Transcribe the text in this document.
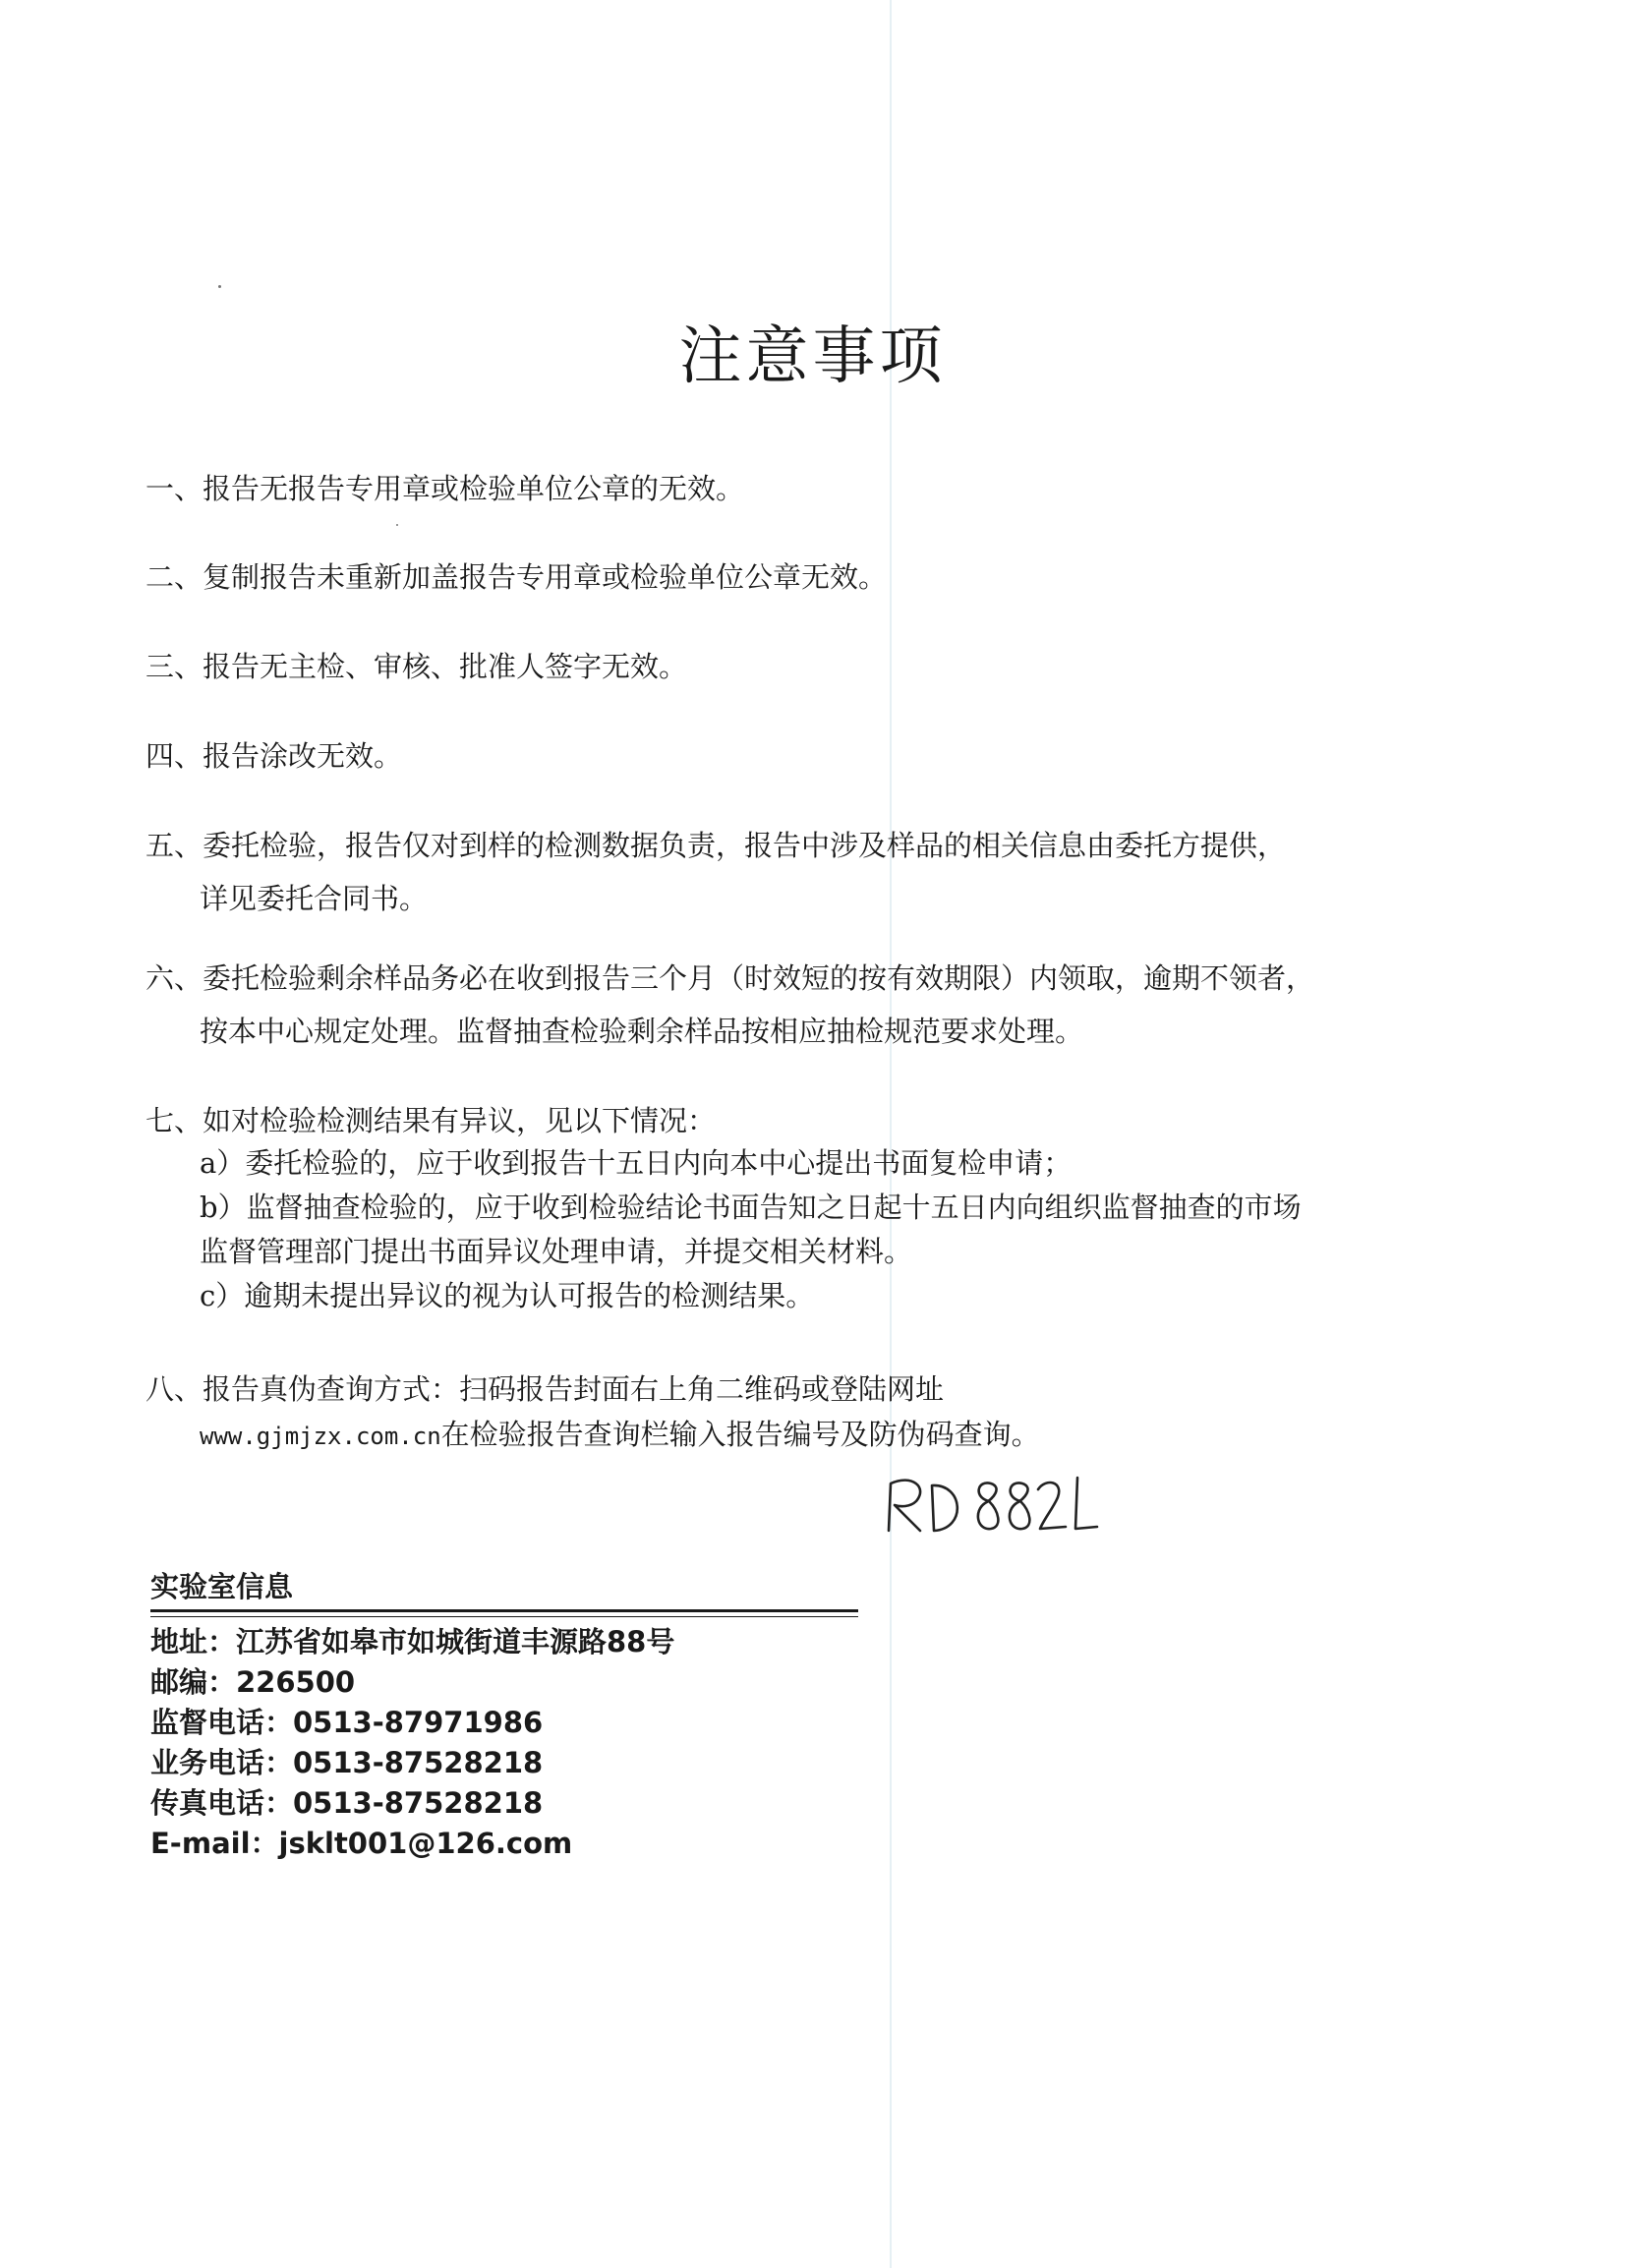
注意事项

一、报告无报告专用章或检验单位公章的无效。

二、复制报告未重新加盖报告专用章或检验单位公章无效。

三、报告无主检、审核、批准人签字无效。

四、报告涂改无效。

五、委托检验，报告仅对到样的检测数据负责，报告中涉及样品的相关信息由委托方提供，
详见委托合同书。
六、委托检验剩余样品务必在收到报告三个月（时效短的按有效期限）内领取，逾期不领者，
按本中心规定处理。监督抽查检验剩余样品按相应抽检规范要求处理。

七、如对检验检测结果有异议，见以下情况：

a）委托检验的，应于收到报告十五日内向本中心提出书面复检申请；
b）监督抽查检验的，应于收到检验结论书面告知之日起十五日内向组织监督抽查的市场
监督管理部门提出书面异议处理申请，并提交相关材料。
c）逾期未提出异议的视为认可报告的检测结果。

八、报告真伪查询方式：扫码报告封面右上角二维码或登陆网址

www.gjmjzx.com.cn在检验报告查询栏输入报告编号及防伪码查询。
实验室信息
地址：江苏省如皋市如城街道丰源路88号
邮编：226500
监督电话：0513-87971986
业务电话：0513-87528218
传真电话：0513-87528218
E-mail：jsklt001@126.com
